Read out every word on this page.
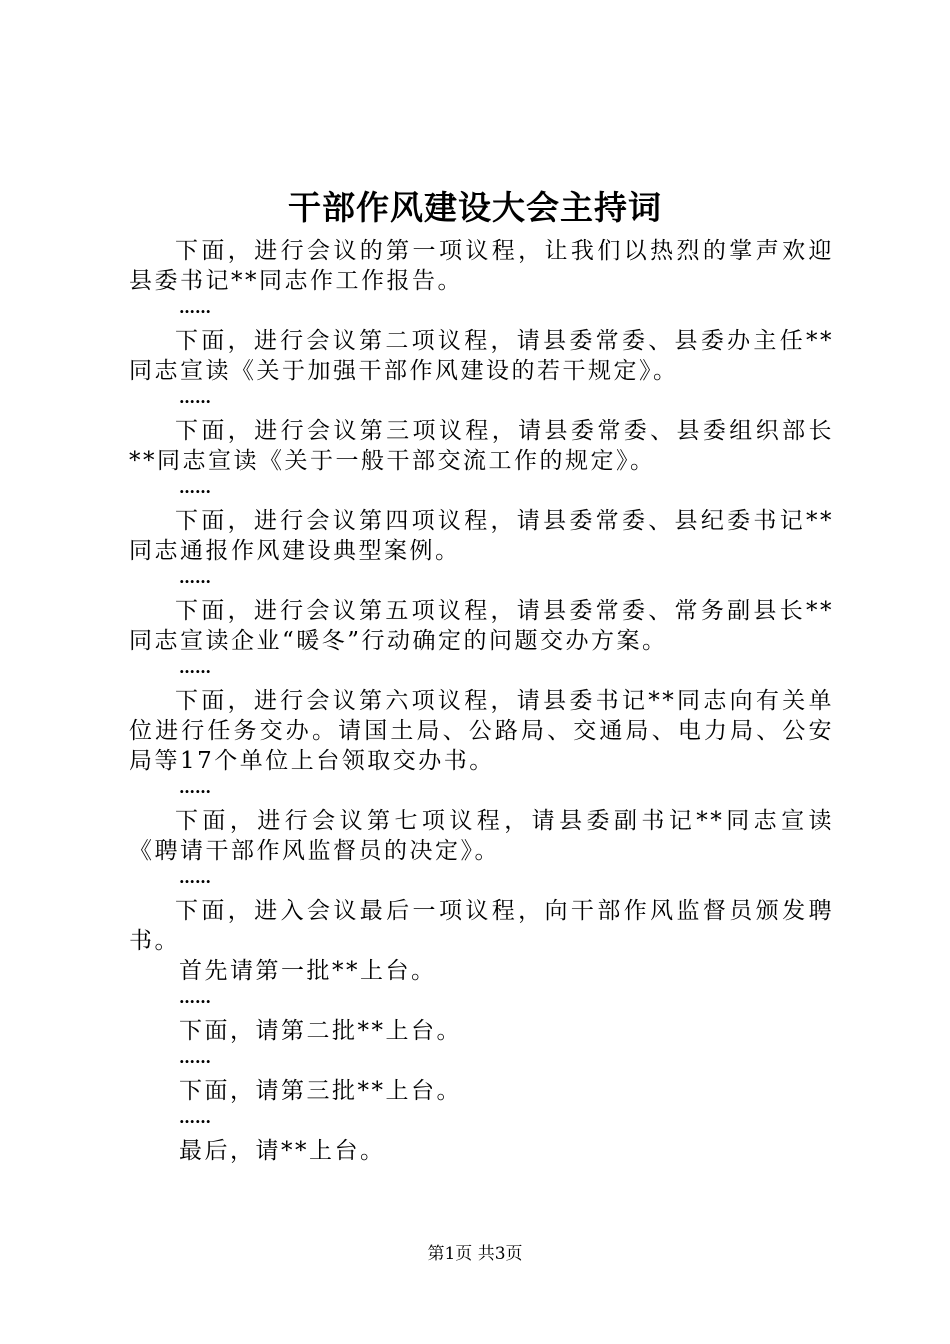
干部作风建设大会主持词

下面，进行会议的第一项议程，让我们以热烈的掌声欢迎县委书记**同志作工作报告。

……

下面，进行会议第二项议程，请县委常委、县委办主任**同志宣读《关于加强干部作风建设的若干规定》。

……

下面，进行会议第三项议程，请县委常委、县委组织部长**同志宣读《关于一般干部交流工作的规定》。

……

下面，进行会议第四项议程，请县委常委、县纪委书记**同志通报作风建设典型案例。

……

下面，进行会议第五项议程，请县委常委、常务副县长**同志宣读企业“暖冬”行动确定的问题交办方案。

……

下面，进行会议第六项议程，请县委书记**同志向有关单位进行任务交办。请国土局、公路局、交通局、电力局、公安局等17个单位上台领取交办书。

……

下面，进行会议第七项议程，请县委副书记**同志宣读《聘请干部作风监督员的决定》。

……

下面，进入会议最后一项议程，向干部作风监督员颁发聘书。

首先请第一批**上台。

……

下面，请第二批**上台。

……

下面，请第三批**上台。

……

最后，请**上台。

第1页 共3页
